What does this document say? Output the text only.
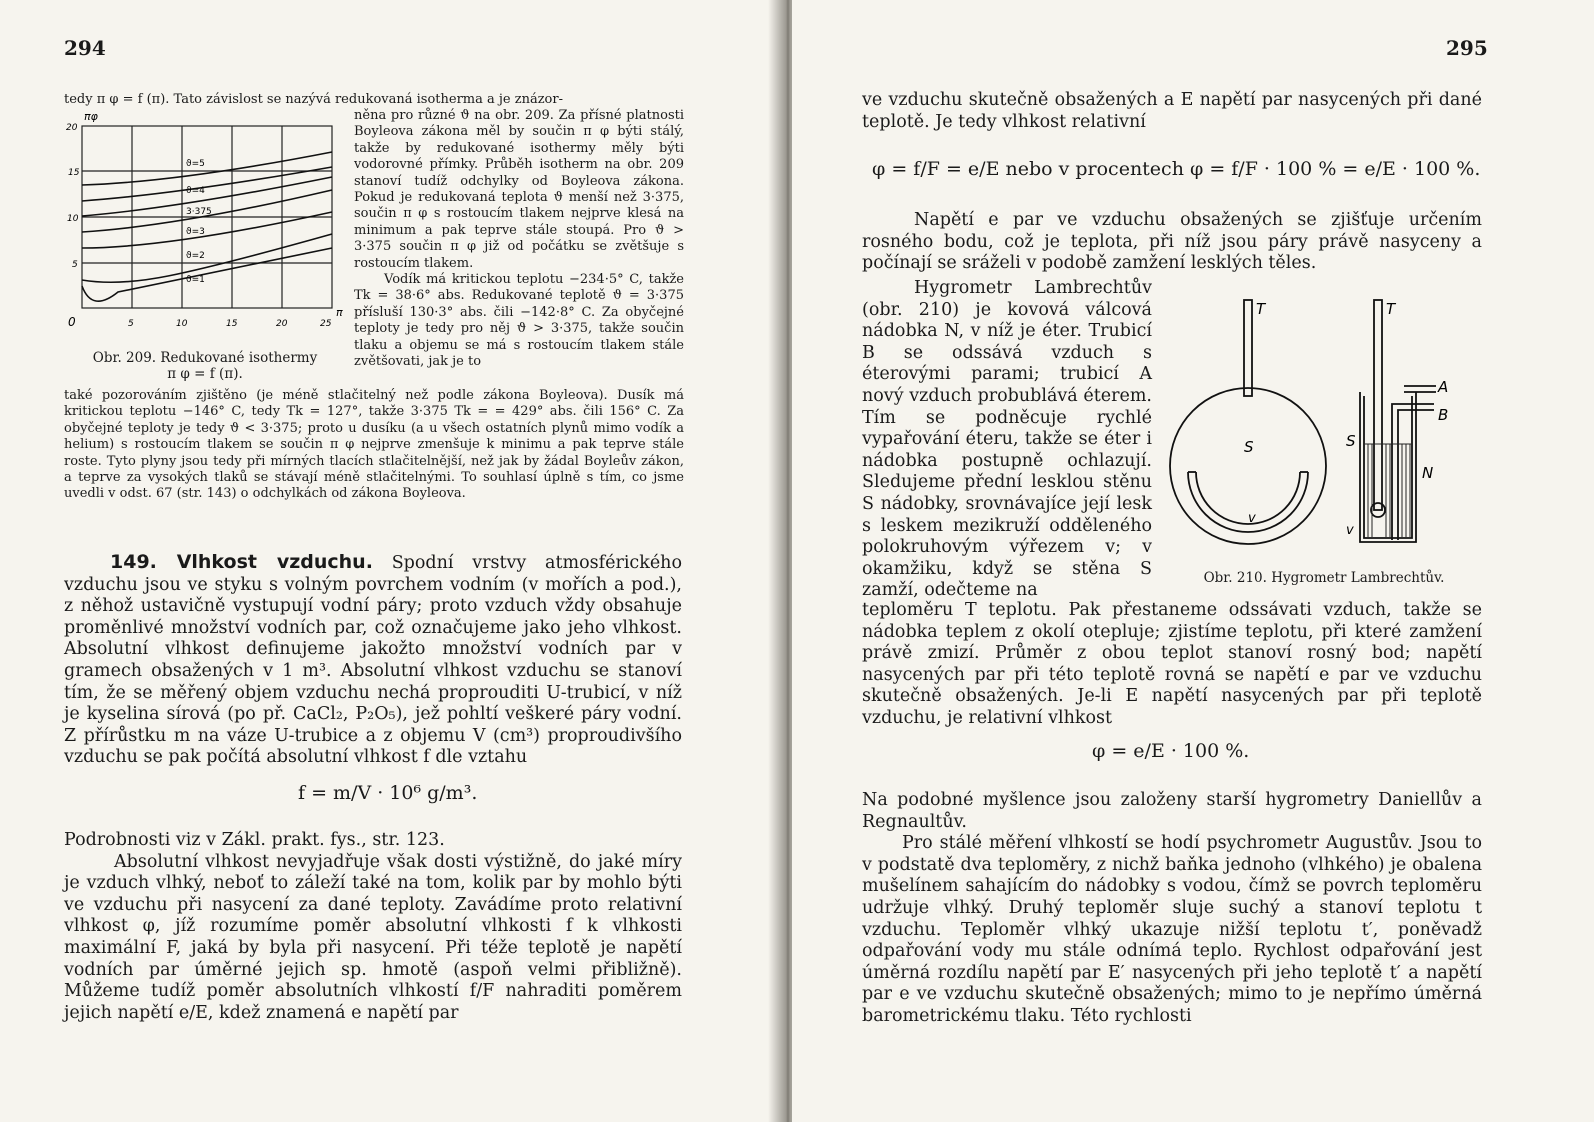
294

tedy π φ = f (π). Tato závislost se nazývá redukovaná isotherma a je znázor-

πφ
20
15
10
5
0	5	10	15	20	25
π
ϑ=5
ϑ=4
3·375
ϑ=3
ϑ=2
ϑ=1
Obr. 209. Redukované isothermy
π φ = f (π).

něna pro různé ϑ na obr. 209. Za přísné platnosti Boyleova zákona měl by součin π φ býti stálý, takže by redukované isothermy měly býti vodorovné přímky. Průběh isotherm na obr. 209 stanoví tudíž odchylky od Boyleova zákona. Pokud je redukovaná teplota ϑ menší než 3·375, součin π φ s rostoucím tlakem nejprve klesá na minimum a pak teprve stále stoupá. Pro ϑ > 3·375 součin π φ již od počátku se zvětšuje s rostoucím tlakem.

Vodík má kritickou teplotu −234·5° C, takže Tk = 38·6° abs. Redukované teplotě ϑ = 3·375 přísluší 130·3° abs. čili −142·8° C. Za obyčejné teploty je tedy pro něj ϑ > 3·375, takže součin tlaku a objemu se má s rostoucím tlakem stále zvětšovati, jak je to

také pozorováním zjištěno (je méně stlačitelný než podle zákona Boyleova). Dusík má kritickou teplotu −146° C, tedy Tk = 127°, takže 3·375 Tk = = 429° abs. čili 156° C. Za obyčejné teploty je tedy ϑ < 3·375; proto u dusíku (a u všech ostatních plynů mimo vodík a helium) s rostoucím tlakem se součin π φ nejprve zmenšuje k minimu a pak teprve stále roste. Tyto plyny jsou tedy při mírných tlacích stlačitelnější, než jak by žádal Boyleův zákon, a teprve za vysokých tlaků se stávají méně stlačitelnými. To souhlasí úplně s tím, co jsme uvedli v odst. 67 (str. 143) o odchylkách od zákona Boyleova.

149. Vlhkost vzduchu. Spodní vrstvy atmosférického vzduchu jsou ve styku s volným povrchem vodním (v mořích a pod.), z něhož ustavičně vystupují vodní páry; proto vzduch vždy obsahuje proměnlivé množství vodních par, což označujeme jako jeho vlhkost. Absolutní vlhkost definujeme jakožto množství vodních par v gramech obsažených v 1 m³. Absolutní vlhkost vzduchu se stanoví tím, že se měřený objem vzduchu nechá proprouditi U-trubicí, v níž je kyselina sírová (po př. CaCl₂, P₂O₅), jež pohltí veškeré páry vodní. Z přírůstku m na váze U-trubice a z objemu V (cm³) proproudivšího vzduchu se pak počítá absolutní vlhkost f dle vztahu

f = m/V · 10⁶ g/m³.

Podrobnosti viz v Zákl. prakt. fys., str. 123.

Absolutní vlhkost nevyjadřuje však dosti výstižně, do jaké míry je vzduch vlhký, neboť to záleží také na tom, kolik par by mohlo býti ve vzduchu při nasycení za dané teploty. Zavádíme proto relativní vlhkost φ, jíž rozumíme poměr absolutní vlhkosti f k vlhkosti maximální F, jaká by byla při nasycení. Při téže teplotě je napětí vodních par úměrné jejich sp. hmotě (aspoň velmi přibližně). Můžeme tudíž poměr absolutních vlhkostí f/F nahraditi poměrem jejich napětí e/E, kdež znamená e napětí par

295

ve vzduchu skutečně obsažených a E napětí par nasycených při dané teplotě. Je tedy vlhkost relativní

φ = f/F = e/E nebo v procentech φ = f/F · 100 % = e/E · 100 %.

Napětí e par ve vzduchu obsažených se zjišťuje určením rosného bodu, což je teplota, při níž jsou páry právě nasyceny a počínají se sráželi v podobě zamžení lesklých těles.

Hygrometr Lambrechtův (obr. 210) je kovová válcová nádobka N, v níž je éter. Trubicí B se odssává vzduch s éterovými parami; trubicí A nový vzduch probublává éterem. Tím se podněcuje rychlé vypařování éteru, takže se éter i nádobka postupně ochlazují. Sledujeme přední lesklou stěnu S nádobky, srovnávajíce její lesk s leskem mezikruží odděleného polokruhovým výřezem v; v okamžiku, když se stěna S zamží, odečteme na

T	T
A
B
S	S
N
v
v
Obr. 210. Hygrometr Lambrechtův.

teploměru T teplotu. Pak přestaneme odssávati vzduch, takže se nádobka teplem z okolí otepluje; zjistíme teplotu, při které zamžení právě zmizí. Průměr z obou teplot stanoví rosný bod; napětí nasycených par při této teplotě rovná se napětí e par ve vzduchu skutečně obsažených. Je-li E napětí nasycených par při teplotě vzduchu, je relativní vlhkost

φ = e/E · 100 %.

Na podobné myšlence jsou založeny starší hygrometry Daniellův a Regnaultův.

Pro stálé měření vlhkostí se hodí psychrometr Augustův. Jsou to v podstatě dva teploměry, z nichž baňka jednoho (vlhkého) je obalena mušelínem sahajícím do nádobky s vodou, čímž se povrch teploměru udržuje vlhký. Druhý teploměr sluje suchý a stanoví teplotu t vzduchu. Teploměr vlhký ukazuje nižší teplotu t′, poněvadž odpařování vody mu stále odnímá teplo. Rychlost odpařování jest úměrná rozdílu napětí par E′ nasycených při jeho teplotě t′ a napětí par e ve vzduchu skutečně obsažených; mimo to je nepřímo úměrná barometrickému tlaku. Této rychlosti
